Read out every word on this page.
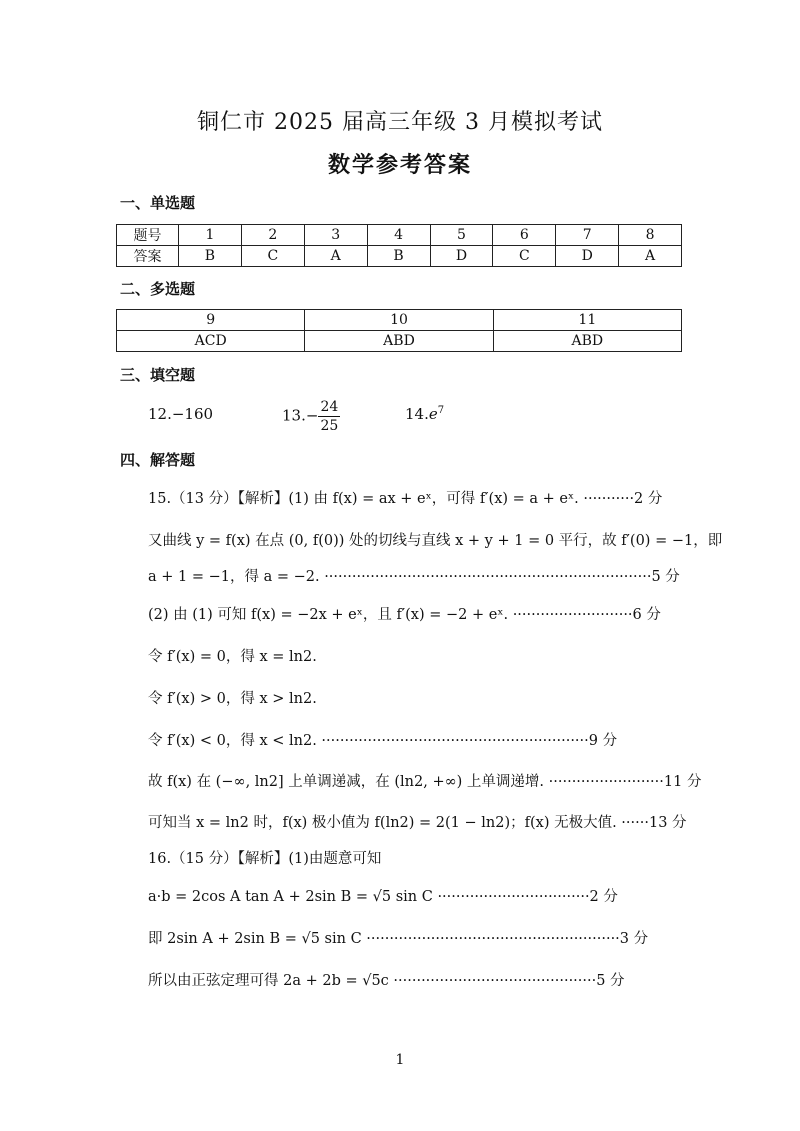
铜仁市 2025 届高三年级 3 月模拟考试
数学参考答案
一、单选题
题号	1	2	3	4	5	6	7	8
答案	B	C	A	B	D	C	D	A
二、多选题
9	10	11
ACD	ABD	ABD
三、填空题
12.−160	$13.- \frac{24}{25}$	$14.e^7$
四、解答题
15.（13 分）【解析】(1) 由 f(x) = ax + eˣ，可得 f′(x) = a + eˣ. ···········2 分
又曲线 y = f(x) 在点 (0, f(0)) 处的切线与直线 x + y + 1 = 0 平行，故 f′(0) = −1，即
a + 1 = −1，得 a = −2. ·······································································5 分
(2) 由 (1) 可知 f(x) = −2x + eˣ，且 f′(x) = −2 + eˣ. ··························6 分
令 f′(x) = 0，得 x = ln2.
令 f′(x) > 0，得 x > ln2.
令 f′(x) < 0，得 x < ln2. ··························································9 分
故 f(x) 在 (−∞, ln2] 上单调递减，在 (ln2, +∞) 上单调递增. ·························11 分
可知当 x = ln2 时，f(x) 极小值为 f(ln2) = 2(1 − ln2)；f(x) 无极大值. ······13 分
16.（15 分）【解析】(1)由题意可知
a·b = 2cos A tan A + 2sin B = √5 sin C ·································2 分
即 2sin A + 2sin B = √5 sin C ·······················································3 分
所以由正弦定理可得 2a + 2b = √5c ············································5 分
1
